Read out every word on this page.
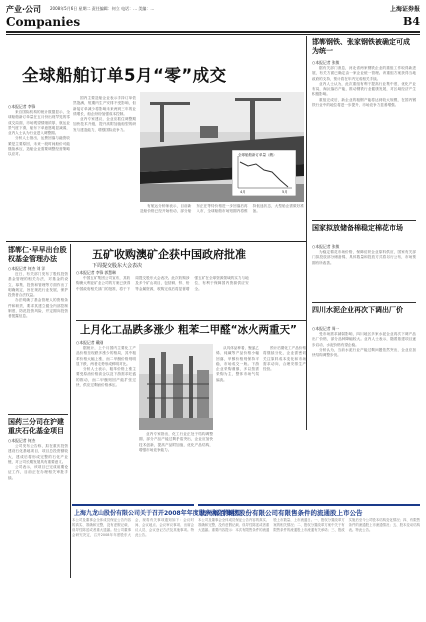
产业·公司 2008年5月6日 星期二 责任编辑：何立 电话：… 美编：…	上海证券报
Companies	B4
全球船舶订单5月“零”成交
○本报记者 李锋

来自国际机构的统计数据显示，全球船舶新订单量在五月份出现罕见的零成交局面，市场观望情绪浓厚，航运业景气度下滑，船东下单意愿明显减弱，业内人士认为行业进入调整期。

分析人士指出，运费回落与融资收紧是主要原因，未来一段时间船价可能继续承压，造船企业需要调整经营策略以应对。

国内主要造船企业表示手持订单依然饱满，短期内生产安排不受影响，但新接订单减少将影响未来两到三年的业绩增长，船企纷纷加强成本控制。

业内专家建议，企业应抓住调整期加快技术升级，提升高附加值船型的研发与建造能力，增强国际竞争力。

全球船舶新订单量（艘）
4月	5月

有航运分析师表示，目前新造船价格已经开始松动，部分船东正在等待价格进一步回落后再入市，全球船舶市场短期内将维持低迷状态，大型船企需做好准备。

邯郸钢铁、张家钢铁被确定可成为统一
○本报记者 张敏

据有关部门消息，河北省两家钢铁企业的重组工作取得新进展，有关方面已确定由一家企业统一管理。该重组方案获得当地政府的支持，预计将在年内完成相关手续。

业内人士认为，此次重组有利于提高行业集中度，优化产业布局，淘汰落后产能，推动钢铁行业健康发展，对区域经济产生积极影响。

重组完成后，新企业的粗钢产能将达到较大规模，在国内钢铁行业中的地位将进一步提升，市场竞争力显著增强。

国家拟放储备棉稳定棉花市场
○本报记者 张敏

为稳定棉花市场价格，保障纺织企业原料供应，国家有关部门拟投放部分储备棉，具体数量和投放方式将另行公布，市场预期有所改善。

四川水泥企业再次下调出厂价
○本报记者 周一

受市场需求减弱影响，四川地区多家水泥企业再次下调产品出厂价格，部分品种降幅较大。业内人士表示，随着基建项目逐步启动，水泥价格有望企稳。

分析认为，当前水泥行业产能过剩问题依然突出，企业应加快结构调整步伐。

邯郸仁·早早出台股权基金管理办法
○本报记者 何杰 刘 洋

近日，有关部门发布了股权投资基金管理的相关办法，对基金的设立、募集、投资和管理等方面作出了明确规定，旨在规范行业发展，保护投资者合法权益。

办法明确了基金管理人的资格条件和职责，要求其建立健全内部控制制度，防范投资风险，并定期向投资者披露信息。

国药三分司在沪建重庆石化基金项目
○本报记者 何杰

公司发布公告称，拟在重庆投资建设石化基地项目，项目总投资额较大，建成后将形成完整的石化产业链，对公司长期发展具有重要意义。

公司表示，该项目已完成前期论证工作，目前正在办理相关审批手续。

五矿收购澳矿企获中国政府批准
下周提交股东大会表决
○本报记者 李锋 郭慧琳

中国五矿集团公司宣布，其收购澳大利亚矿业公司的方案已获得中国政府相关部门的批准，将于下周提交股东大会表决。此次收购涉及多个矿山项目，包括铜、锌、铅等金属资源，收购完成后将显著增强五矿在全球资源领域的实力与地位，有利于保障国内资源供应安全。

上月化工品跌多涨少 粗苯二甲醛“冰火两重天”
○本报记者 戴刚

据统计，上个月国内主要化工产品价格呈现跌多涨少的格局，其中粗苯价格大幅上涨，而二甲醚价格则明显下跌，两者走势形成鲜明对比。

分析人士表示，粗苯价格上涨主要受原油价格高企以及下游需求旺盛的推动，而二甲醚则因产能扩张过快、供应过剩而价格承压。

业内专家指出，化工行业正处于结构调整期，部分产品产能过剩矛盾突出，企业应加快技术创新，提高产品附加值，优化产品结构，增强市场竞争能力。

从具体品种看，聚氯乙烯、纯碱等产品价格小幅回落，甲醇价格则保持平稳，市场成交一般。下游企业采购谨慎，多以按需采购为主，整体市场气氛偏淡。

预计后期化工产品价格将继续分化，企业需密切关注原料成本变化和市场需求动向，合理安排生产经营。

上海九龙山股份有限公司关于召开2008年年度股东大会的通知

本公司及董事会全体成员保证公告内容的真实、准确和完整，没有虚假记载、误导性陈述或者重大遗漏。经公司董事会研究决定，召开2008年年度股东大会，现将有关事项通知如下：会议时间、会议地点、会议审议事项、出席会议人员、会议登记方法及其他事项。特此公告。

杭州解百集团股份有限公司有限售条件的流通股上市公告

本公司及董事会全体成员保证公告内容的真实、准确和完整，没有虚假记载、误导性陈述或者重大遗漏。重要内容提示：本次有限售条件的流通股上市数量、上市流通日。一、股权分置改革方案的相关情况；二、股权分置改革方案中关于有限售条件的流通股上市流通有关承诺；三、股改实施后至今公司股本结构变化情况；四、有限售条件的流通股上市流通情况；五、股本变动结构表。特此公告。
